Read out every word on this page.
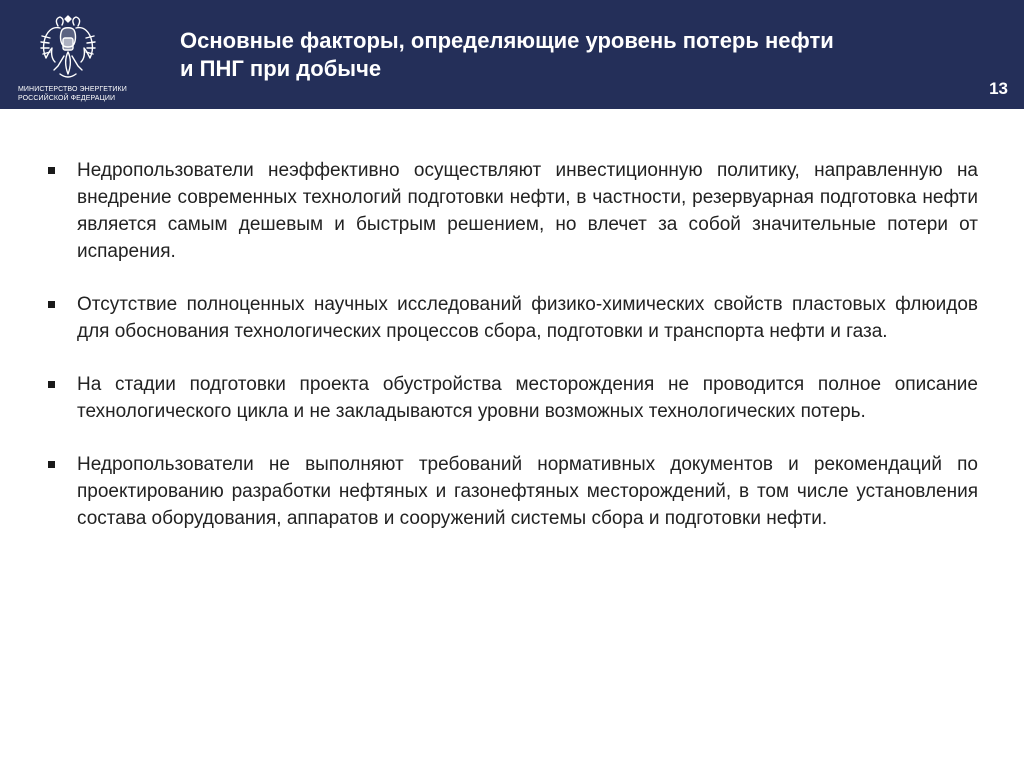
МИНИСТЕРСТВО ЭНЕРГЕТИКИ
РОССИЙСКОЙ ФЕДЕРАЦИИ
Основные факторы, определяющие уровень потерь нефти
и ПНГ при добыче
13
Недропользователи неэффективно осуществляют инвестиционную политику, направленную на внедрение современных технологий подготовки нефти, в частности, резервуарная подготовка нефти является самым дешевым и быстрым решением, но влечет за собой значительные потери от испарения.
Отсутствие полноценных научных исследований физико-химических свойств пластовых флюидов для обоснования технологических процессов сбора, подготовки и транспорта нефти и газа.
На стадии подготовки проекта обустройства месторождения не проводится полное описание технологического цикла и не закладываются уровни возможных технологических потерь.
Недропользователи не выполняют требований нормативных документов и рекомендаций по проектированию разработки нефтяных и газонефтяных месторождений, в том числе установления состава оборудования, аппаратов и сооружений системы сбора и подготовки нефти.
